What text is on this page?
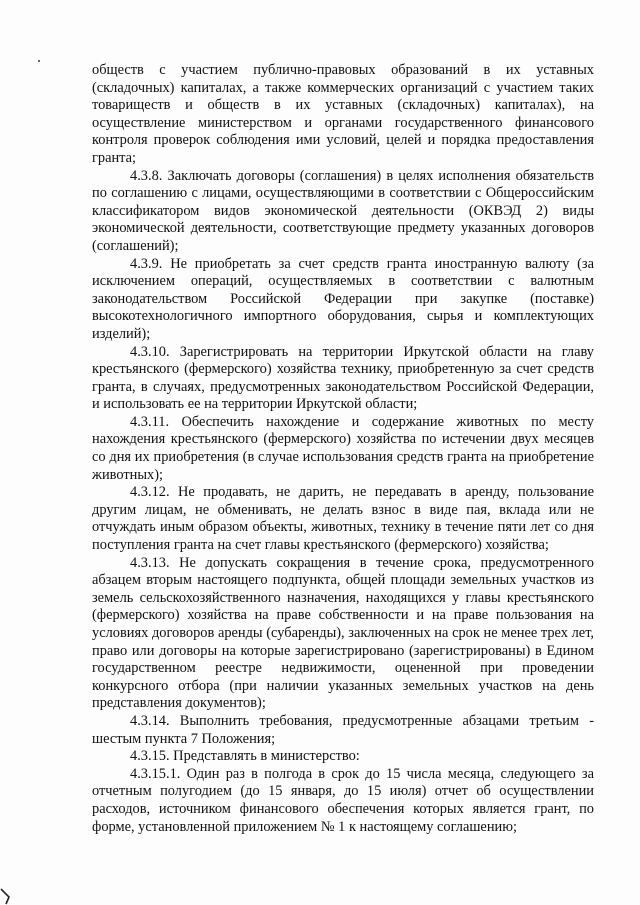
обществ с участием публично-правовых образований в их уставных (складочных) капиталах, а также коммерческих организаций с участием таких товариществ и обществ в их уставных (складочных) капиталах), на осуществление министерством и органами государственного финансового контроля проверок соблюдения ими условий, целей и порядка предоставления гранта;

4.3.8. Заключать договоры (соглашения) в целях исполнения обязательств по соглашению с лицами, осуществляющими в соответствии с Общероссийским классификатором видов экономической деятельности (ОКВЭД 2) виды экономической деятельности, соответствующие предмету указанных договоров (соглашений);

4.3.9. Не приобретать за счет средств гранта иностранную валюту (за исключением операций, осуществляемых в соответствии с валютным законодательством Российской Федерации при закупке (поставке) высокотехнологичного импортного оборудования, сырья и комплектующих изделий);

4.3.10. Зарегистрировать на территории Иркутской области на главу крестьянского (фермерского) хозяйства технику, приобретенную за счет средств гранта, в случаях, предусмотренных законодательством Российской Федерации, и использовать ее на территории Иркутской области;

4.3.11. Обеспечить нахождение и содержание животных по месту нахождения крестьянского (фермерского) хозяйства по истечении двух месяцев со дня их приобретения (в случае использования средств гранта на приобретение животных);

4.3.12. Не продавать, не дарить, не передавать в аренду, пользование другим лицам, не обменивать, не делать взнос в виде пая, вклада или не отчуждать иным образом объекты, животных, технику в течение пяти лет со дня поступления гранта на счет главы крестьянского (фермерского) хозяйства;

4.3.13. Не допускать сокращения в течение срока, предусмотренного абзацем вторым настоящего подпункта, общей площади земельных участков из земель сельскохозяйственного назначения, находящихся у главы крестьянского (фермерского) хозяйства на праве собственности и на праве пользования на условиях договоров аренды (субаренды), заключенных на срок не менее трех лет, право или договоры на которые зарегистрировано (зарегистрированы) в Едином государственном реестре недвижимости, оцененной при проведении конкурсного отбора (при наличии указанных земельных участков на день представления документов);

4.3.14. Выполнить требования, предусмотренные абзацами третьим - шестым пункта 7 Положения;

4.3.15. Представлять в министерство:

4.3.15.1. Один раз в полгода в срок до 15 числа месяца, следующего за отчетным полугодием (до 15 января, до 15 июля) отчет об осуществлении расходов, источником финансового обеспечения которых является грант, по форме, установленной приложением № 1 к настоящему соглашению;
